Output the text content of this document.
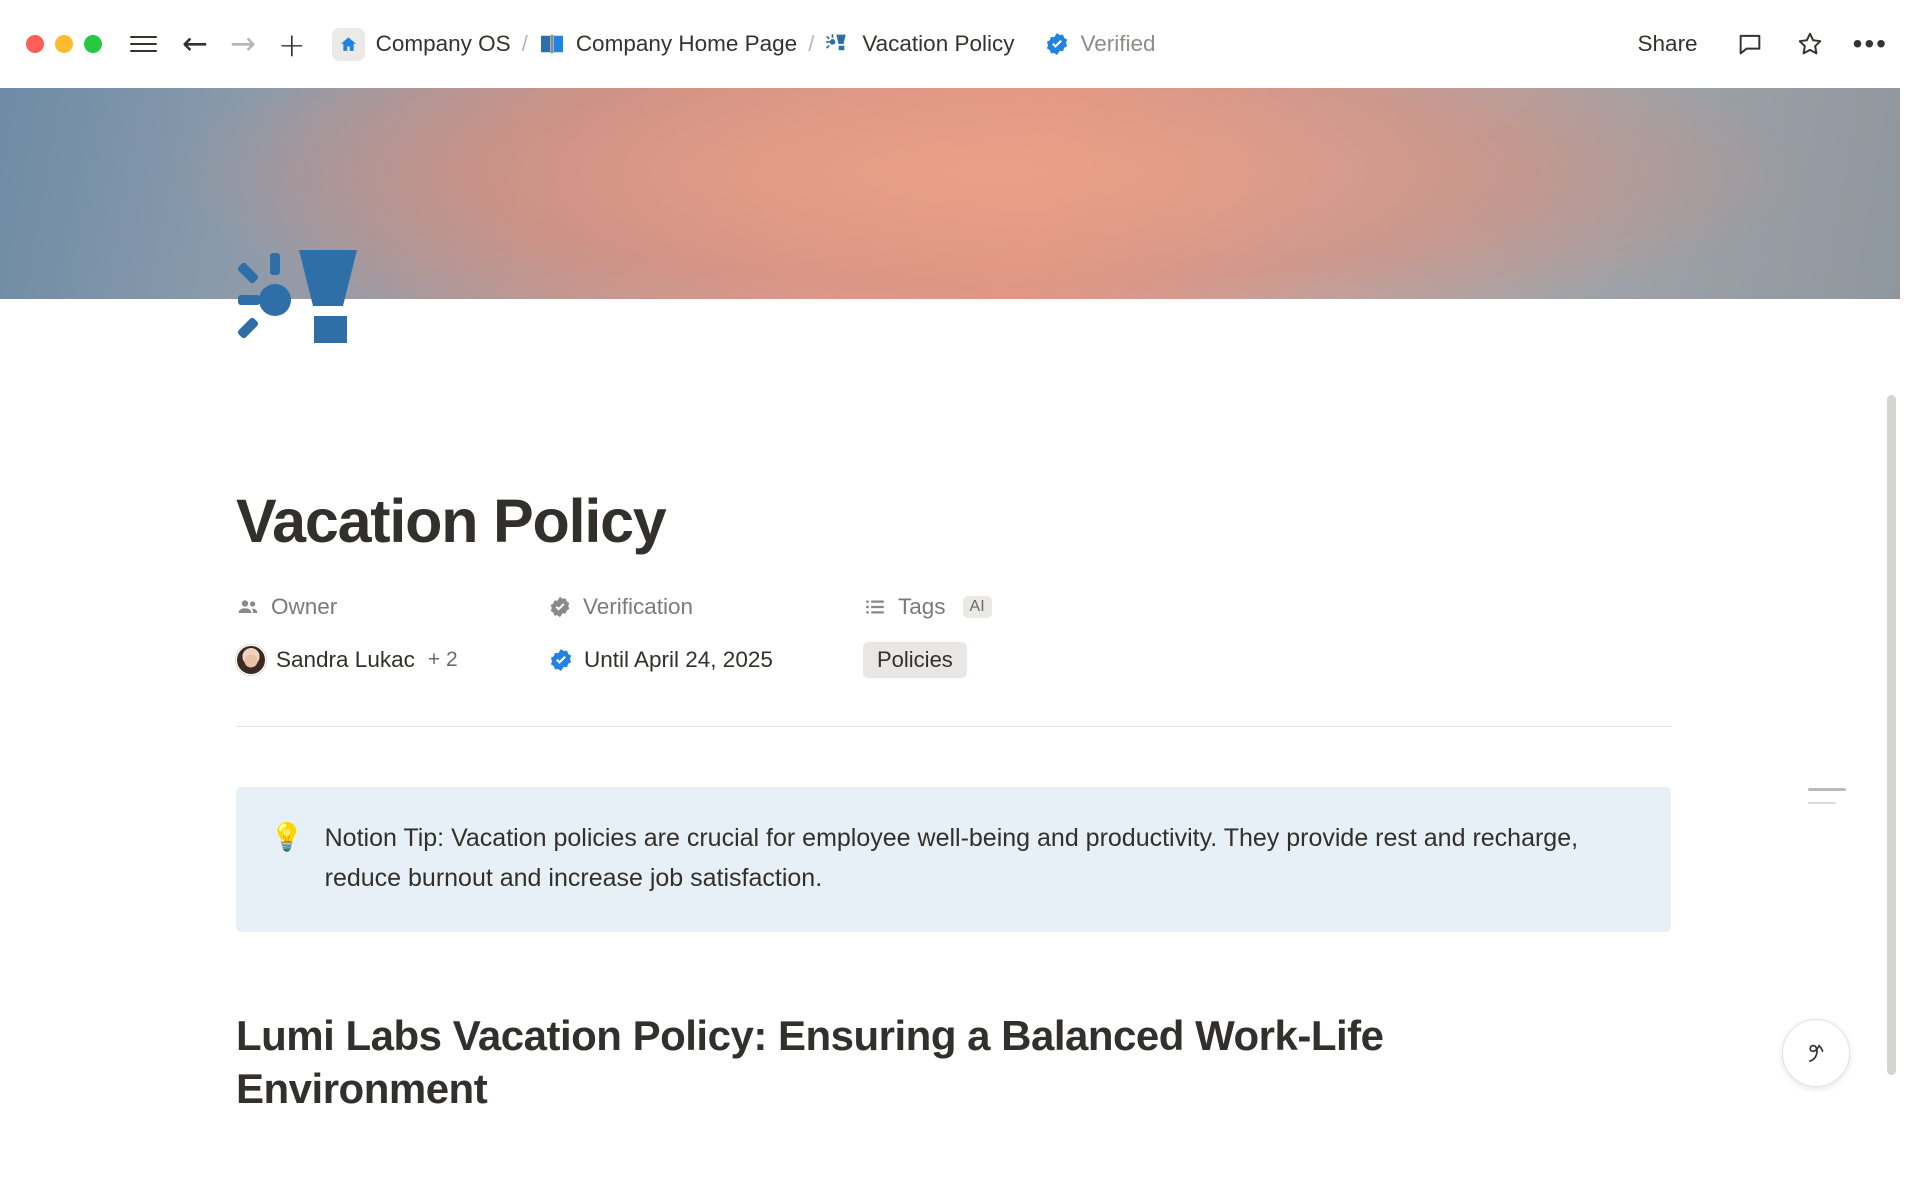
← → +	Company OS / Company Home Page / Vacation Policy	Verified	Share	•••
Vacation Policy
Owner
Sandra Lukac + 2
Verification
Until April 24, 2025
Tags	AI
Policies
💡 Notion Tip: Vacation policies are crucial for employee well-being and productivity. They provide rest and recharge, reduce burnout and increase job satisfaction.
Lumi Labs Vacation Policy: Ensuring a Balanced Work-Life Environment
